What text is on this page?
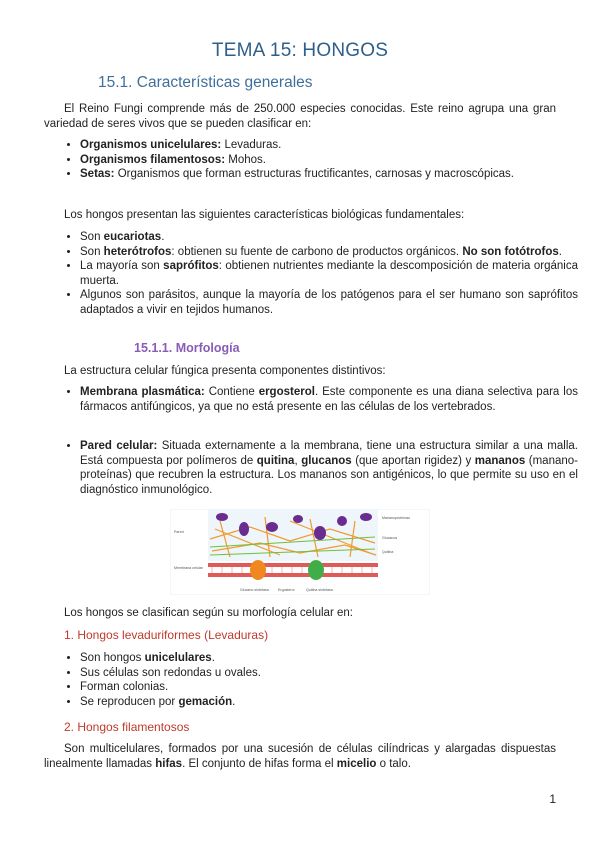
TEMA 15: HONGOS
15.1. Características generales
El Reino Fungi comprende más de 250.000 especies conocidas. Este reino agrupa una gran variedad de seres vivos que se pueden clasificar en:
• Organismos unicelulares: Levaduras.
• Organismos filamentosos: Mohos.
• Setas: Organismos que forman estructuras fructificantes, carnosas y macroscópicas.
Los hongos presentan las siguientes características biológicas fundamentales:
• Son eucariotas.
• Son heterótrofos: obtienen su fuente de carbono de productos orgánicos. No son fotótrofos.
• La mayoría son saprófitos: obtienen nutrientes mediante la descomposición de materia orgánica muerta.
• Algunos son parásitos, aunque la mayoría de los patógenos para el ser humano son saprófitos adaptados a vivir en tejidos humanos.
15.1.1. Morfología
La estructura celular fúngica presenta componentes distintivos:
• Membrana plasmática: Contiene ergosterol. Este componente es una diana selectiva para los fármacos antifúngicos, ya que no está presente en las células de los vertebrados.
• Pared celular: Situada externamente a la membrana, tiene una estructura similar a una malla. Está compuesta por polímeros de quitina, glucanos (que aportan rigidez) y mananos (mananoproteínas) que recubren la estructura. Los mananos son antigénicos, lo que permite su uso en el diagnóstico inmunológico.
Pared
Membrana celular
Mananoproteínas
Glucanos
Quitina
Glucano sintetasa	Ergosterol	Quitina sintetasa
Los hongos se clasifican según su morfología celular en:
1. Hongos levaduriformes (Levaduras)
• Son hongos unicelulares.
• Sus células son redondas u ovales.
• Forman colonias.
• Se reproducen por gemación.
2. Hongos filamentosos
Son multicelulares, formados por una sucesión de células cilíndricas y alargadas dispuestas linealmente llamadas hifas. El conjunto de hifas forma el micelio o talo.
1
